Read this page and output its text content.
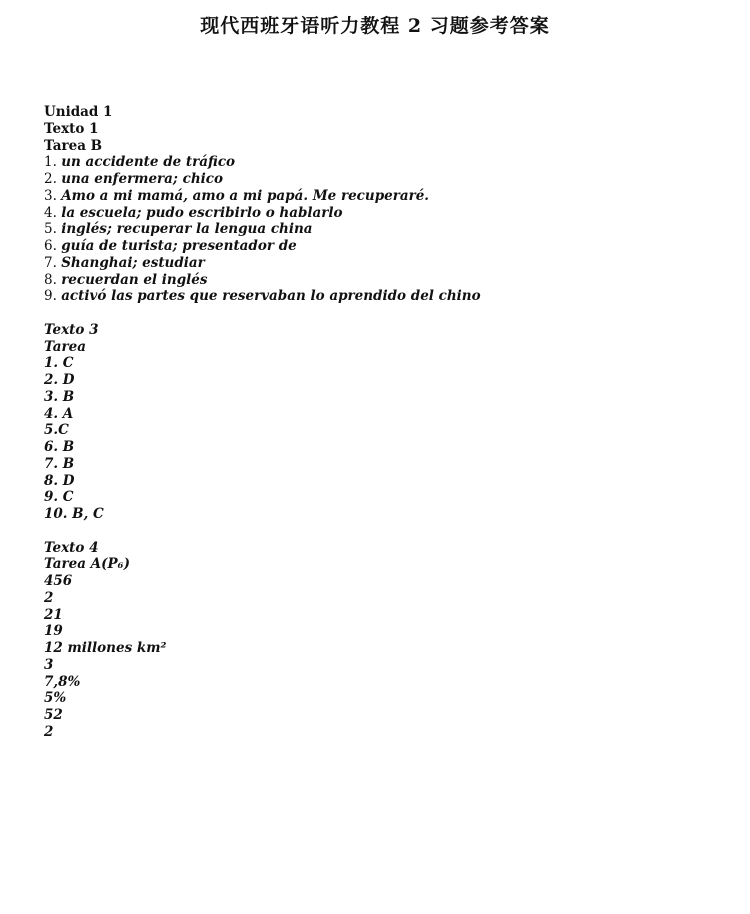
现代西班牙语听力教程 2 习题参考答案
Unidad 1
Texto 1
Tarea B
1. un accidente de tráfico
2. una enfermera; chico
3. Amo a mi mamá, amo a mi papá. Me recuperaré.
4. la escuela; pudo escribirlo o hablarlo
5. inglés; recuperar la lengua china
6. guía de turista; presentador de
7. Shanghai; estudiar
8. recuerdan el inglés
9. activó las partes que reservaban lo aprendido del chino
Texto 3
Tarea
1. C
2. D
3. B
4. A
5.C
6. B
7. B
8. D
9. C
10. B, C
Texto 4
Tarea A(P₆)
456
2
21
19
12 millones km²
3
7,8%
5%
52
2
